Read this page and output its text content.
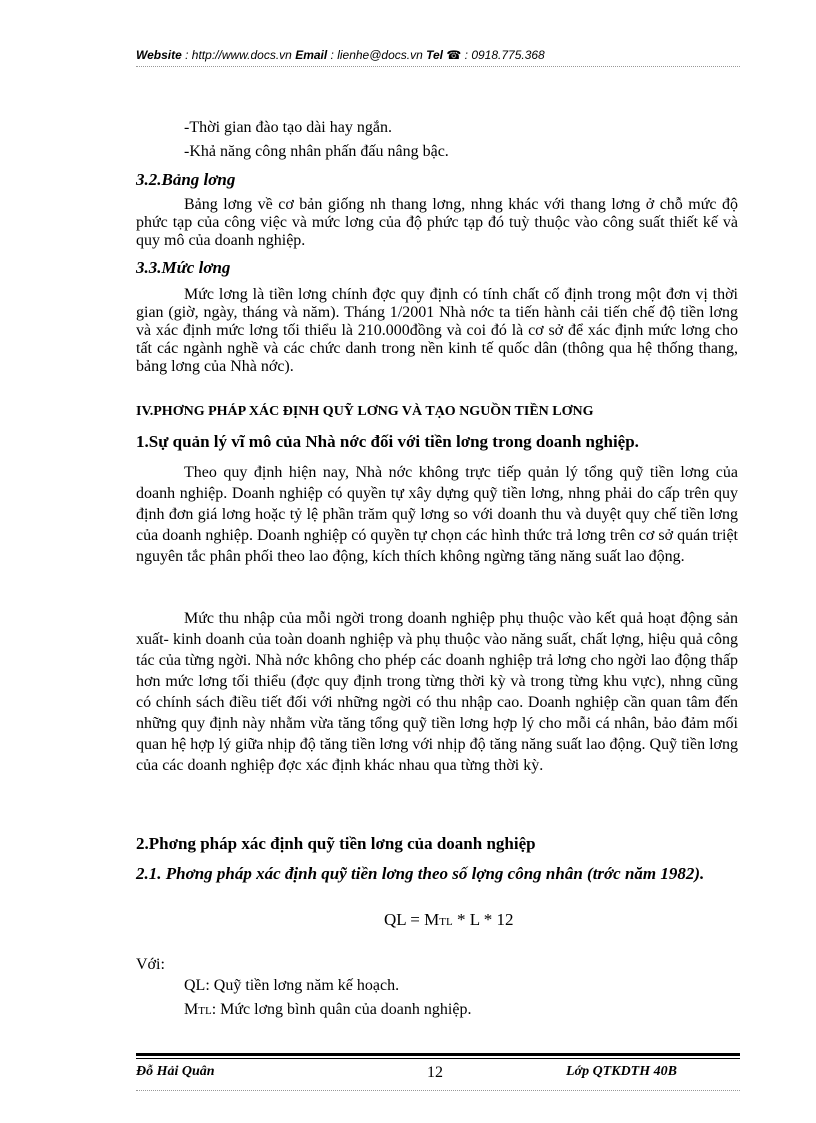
Website : http://www.docs.vn Email : lienhe@docs.vn Tel ☎ : 0918.775.368
-Thời gian đào tạo dài hay ngắn.
-Khả năng công nhân phấn đấu nâng bậc.
3.2.Bảng lơng
Bảng lơng về cơ bản giống nh thang lơng, nhng khác với thang lơng ở chỗ mức độ phức tạp của công việc và mức lơng của độ phức tạp đó tuỳ thuộc vào công suất thiết kế và quy mô của doanh nghiệp.
3.3.Mức lơng
Mức lơng là tiền lơng chính đợc quy định có tính chất cố định trong một đơn vị thời gian (giờ, ngày, tháng và năm). Tháng 1/2001 Nhà nớc ta tiến hành cải tiến chế độ tiền lơng và xác định mức lơng tối thiểu là 210.000đồng và coi đó là cơ sở để xác định mức lơng cho tất các ngành nghề và các chức danh trong nền kinh tế quốc dân (thông qua hệ thống thang, bảng lơng của Nhà nớc).
IV.PHƠNG PHÁP XÁC ĐỊNH QUỸ LƠNG VÀ TẠO NGUỒN TIỀN LƠNG
1.Sự quản lý vĩ mô của Nhà nớc đối với tiền lơng trong doanh nghiệp.
Theo quy định hiện nay, Nhà nớc không trực tiếp quản lý tổng quỹ tiền lơng của doanh nghiệp. Doanh nghiệp có quyền tự xây dựng quỹ tiền lơng, nhng phải do cấp trên quy định đơn giá lơng hoặc tỷ lệ phần trăm quỹ lơng so với doanh thu và duyệt quy chế tiền lơng của doanh nghiệp. Doanh nghiệp có quyền tự chọn các hình thức trả lơng trên cơ sở quán triệt nguyên tắc phân phối theo lao động, kích thích không ngừng tăng năng suất lao động.
Mức thu nhập của mỗi ngời trong doanh nghiệp phụ thuộc vào kết quả hoạt động sản xuất- kinh doanh của toàn doanh nghiệp và phụ thuộc vào năng suất, chất lợng, hiệu quả công tác của từng ngời. Nhà nớc không cho phép các doanh nghiệp trả lơng cho ngời lao động thấp hơn mức lơng tối thiểu (đợc quy định trong từng thời kỳ và trong từng khu vực), nhng cũng có chính sách điều tiết đối với những ngời có thu nhập cao. Doanh nghiệp cần quan tâm đến những quy định này nhằm vừa tăng tổng quỹ tiền lơng hợp lý cho mỗi cá nhân, bảo đảm mối quan hệ hợp lý giữa nhịp độ tăng tiền lơng với nhịp độ tăng năng suất lao động. Quỹ tiền lơng của các doanh nghiệp đợc xác định khác nhau qua từng thời kỳ.
2.Phơng pháp xác định quỹ tiền lơng của doanh nghiệp
2.1. Phơng pháp xác định quỹ tiền lơng theo số lợng công nhân (trớc năm 1982).
QL = MTL * L * 12
Với:
QL: Quỹ tiền lơng năm kế hoạch.
MTL: Mức lơng bình quân của doanh nghiệp.
Đỗ Hải Quân	12	Lớp QTKDTH 40B
